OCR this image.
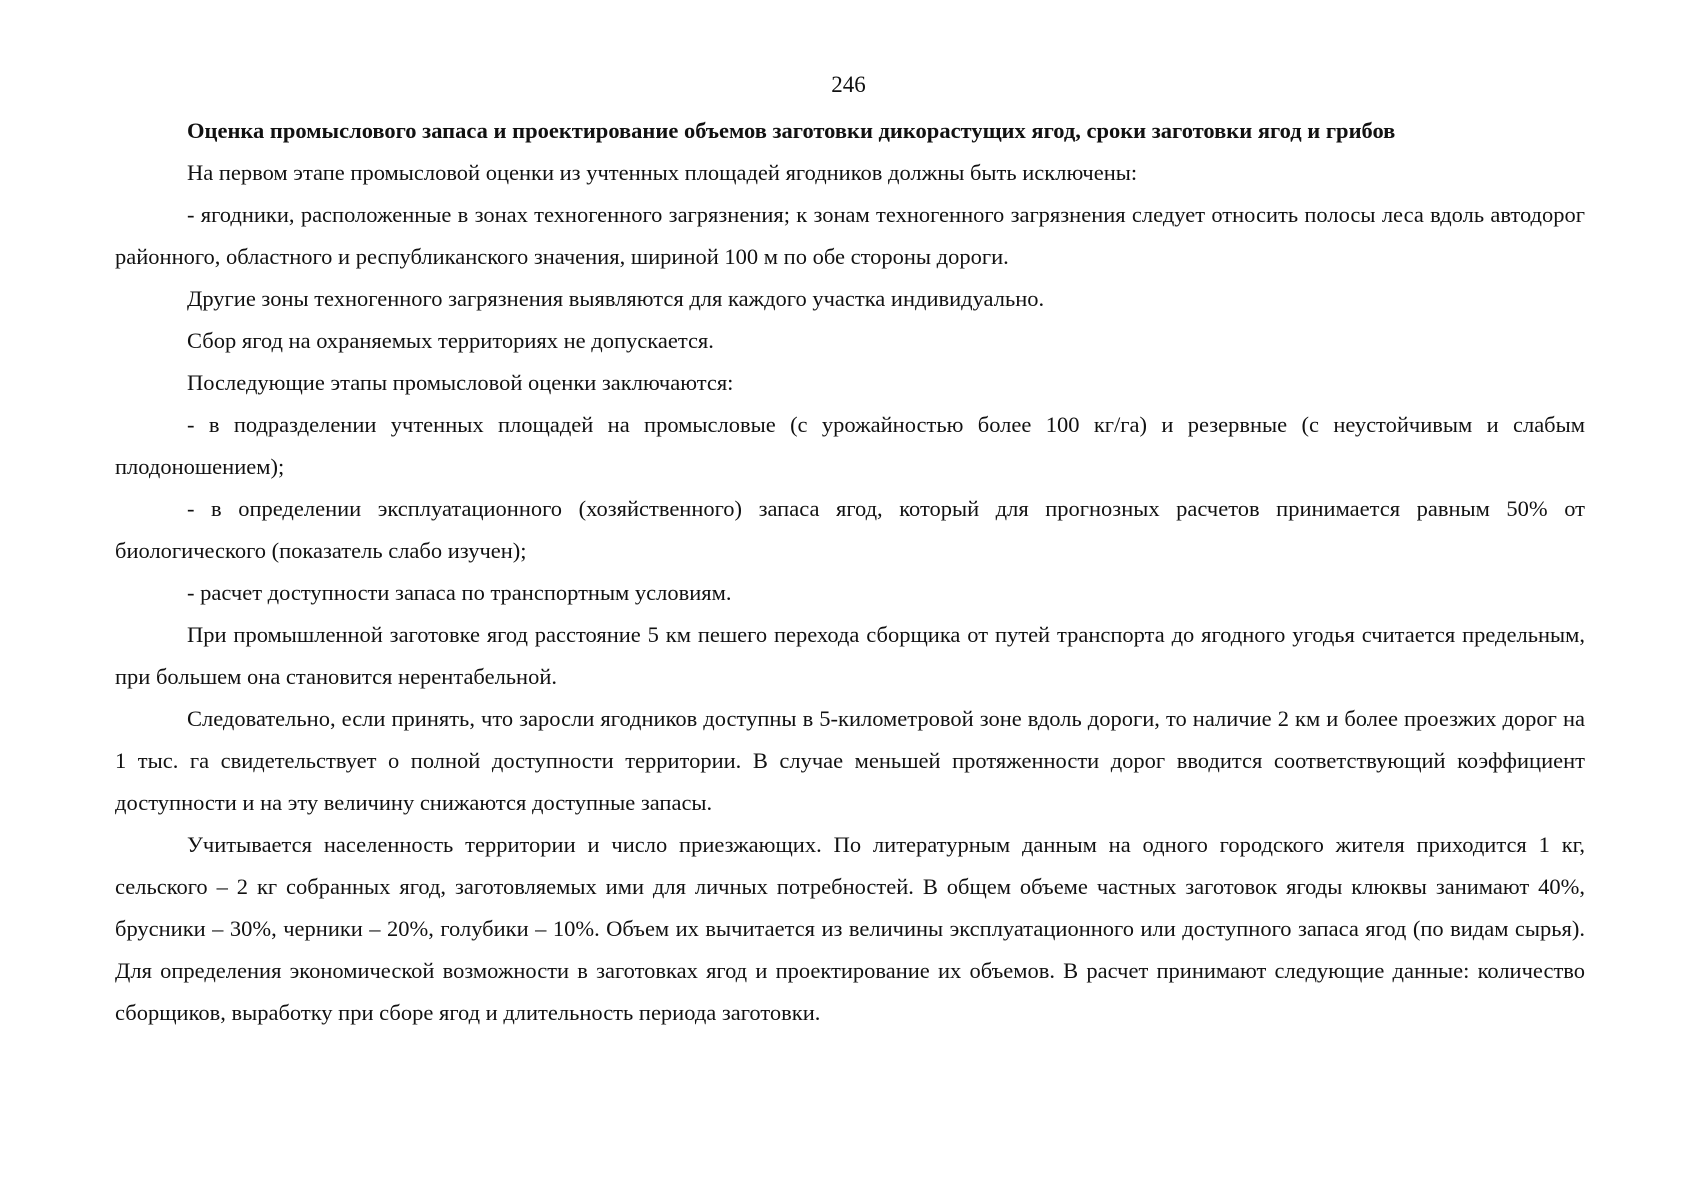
246
Оценка промыслового запаса и проектирование объемов заготовки дикорастущих ягод, сроки заготовки ягод и грибов

На первом этапе промысловой оценки из учтенных площадей ягодников должны быть исключены:

- ягодники, расположенные в зонах техногенного загрязнения; к зонам техногенного загрязнения следует относить полосы леса вдоль автодорог районного, областного и республиканского значения, шириной 100 м по обе стороны дороги.

Другие зоны техногенного загрязнения выявляются для каждого участка индивидуально.

Сбор ягод на охраняемых территориях не допускается.

Последующие этапы промысловой оценки заключаются:

- в подразделении учтенных площадей на промысловые (с урожайностью более 100 кг/га) и резервные (с неустойчивым и слабым плодоношением);

- в определении эксплуатационного (хозяйственного) запаса ягод, который для прогнозных расчетов принимается равным 50% от биологического (показатель слабо изучен);

- расчет доступности запаса по транспортным условиям.

При промышленной заготовке ягод расстояние 5 км пешего перехода сборщика от путей транспорта до ягодного угодья считается предельным, при большем она становится нерентабельной.

Следовательно, если принять, что заросли ягодников доступны в 5-километровой зоне вдоль дороги, то наличие 2 км и более проезжих дорог на 1 тыс. га свидетельствует о полной доступности территории. В случае меньшей протяженности дорог вводится соответствующий коэффициент доступности и на эту величину снижаются доступные запасы.

Учитывается населенность территории и число приезжающих. По литературным данным на одного городского жителя приходится 1 кг, сельского – 2 кг собранных ягод, заготовляемых ими для личных потребностей. В общем объеме частных заготовок ягоды клюквы занимают 40%, брусники – 30%, черники – 20%, голубики – 10%. Объем их вычитается из величины эксплуатационного или доступного запаса ягод (по видам сырья). Для определения экономической возможности в заготовках ягод и проектирование их объемов. В расчет принимают следующие данные: количество сборщиков, выработку при сборе ягод и длительность периода заготовки.
